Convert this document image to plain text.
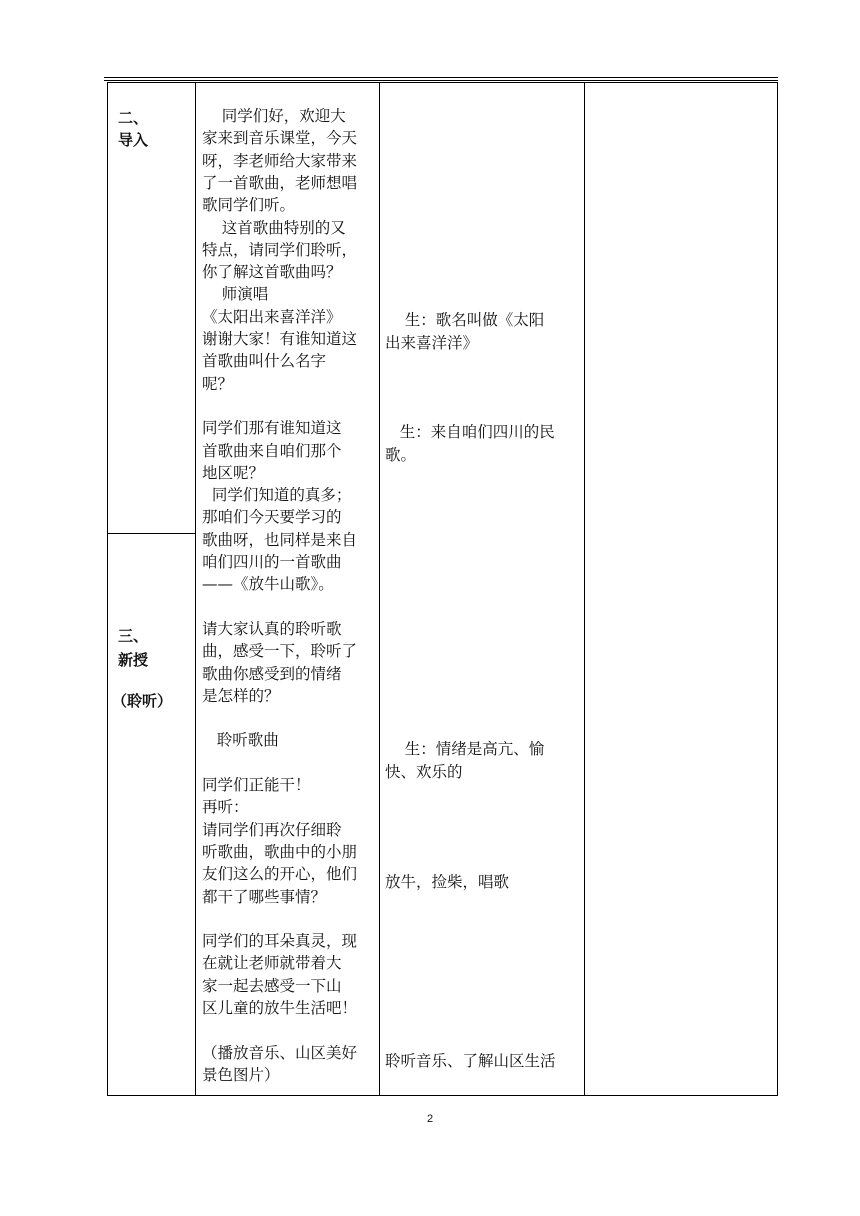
二、
导入
三、
新授
（聆听）
同学们好，欢迎大
家来到音乐课堂，今天
呀，李老师给大家带来
了一首歌曲，老师想唱
歌同学们听。
这首歌曲特别的又
特点，请同学们聆听，
你了解这首歌曲吗？
师演唱
《太阳出来喜洋洋》
谢谢大家！有谁知道这
首歌曲叫什么名字
呢？
同学们那有谁知道这
首歌曲来自咱们那个
地区呢？
同学们知道的真多；
那咱们今天要学习的
歌曲呀，也同样是来自
咱们四川的一首歌曲
——《放牛山歌》。
请大家认真的聆听歌
曲，感受一下，聆听了
歌曲你感受到的情绪
是怎样的？
聆听歌曲
同学们正能干！
再听：
请同学们再次仔细聆
听歌曲，歌曲中的小朋
友们这么的开心，他们
都干了哪些事情？
同学们的耳朵真灵，现
在就让老师就带着大
家一起去感受一下山
区儿童的放牛生活吧！
（播放音乐、山区美好
景色图片）
生：歌名叫做《太阳
出来喜洋洋》
生：来自咱们四川的民
歌。
生：情绪是高亢、愉
快、欢乐的
放牛，捡柴，唱歌
聆听音乐、了解山区生活
2
